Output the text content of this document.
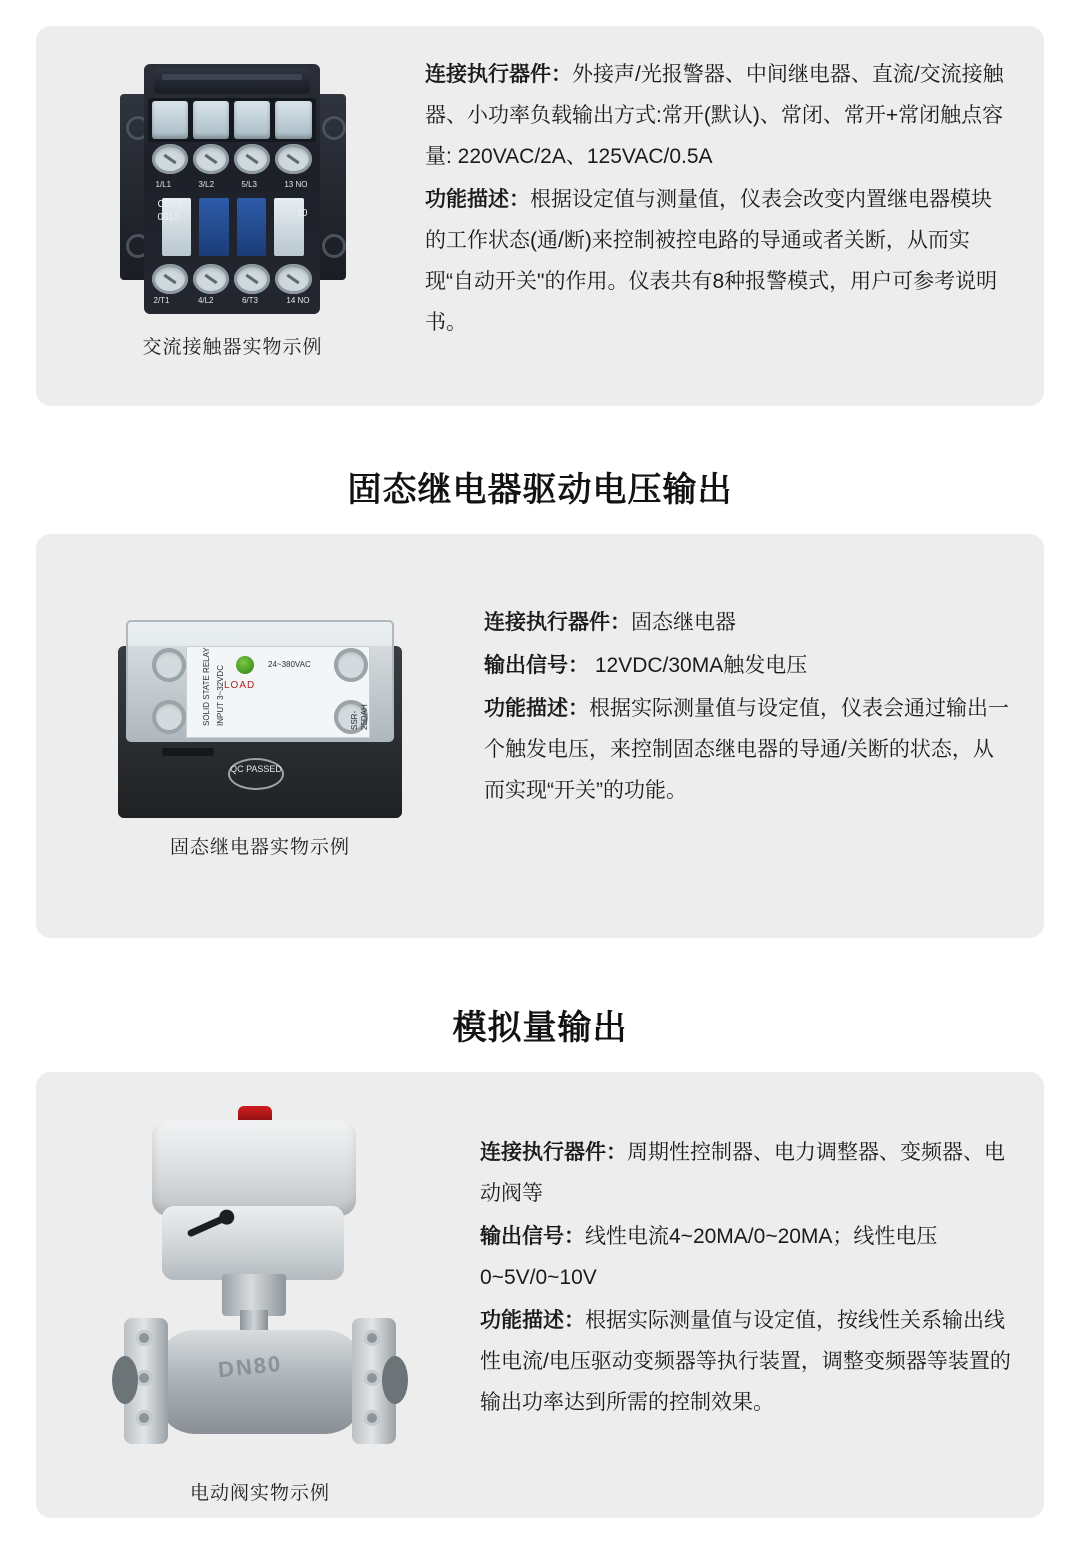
1/L1	3/L2	5/L3	13 NO
CJX2
0910	10
2/T1	4/L2	6/T3	14 NO
交流接触器实物示例

连接执行器件：外接声/光报警器、中间继电器、直流/交流接触器、小功率负载输出方式:常开(默认)、常闭、常开+常闭触点容量: 220VAC/2A、125VAC/0.5A

功能描述：根据设定值与测量值，仪表会改变内置继电器模块的工作状态(通/断)来控制被控电路的导通或者关断，从而实现“自动开关"的作用。仪表共有8种报警模式，用户可参考说明书。

固态继电器驱动电压输出
SOLID STATE RELAY INPUT 3~32VDC	SSR-25DAH
24~380VAC
LOAD
QC PASSED
固态继电器实物示例

连接执行器件：固态继电器

输出信号： 12VDC/30MA触发电压

功能描述：根据实际测量值与设定值，仪表会通过输出一个触发电压，来控制固态继电器的导通/关断的状态，从而实现“开关”的功能。

模拟量输出
DN80
电动阀实物示例

连接执行器件：周期性控制器、电力调整器、变频器、电动阀等

输出信号：线性电流4~20MA/0~20MA；线性电压0~5V/0~10V

功能描述：根据实际测量值与设定值，按线性关系输出线性电流/电压驱动变频器等执行装置，调整变频器等装置的输出功率达到所需的控制效果。
